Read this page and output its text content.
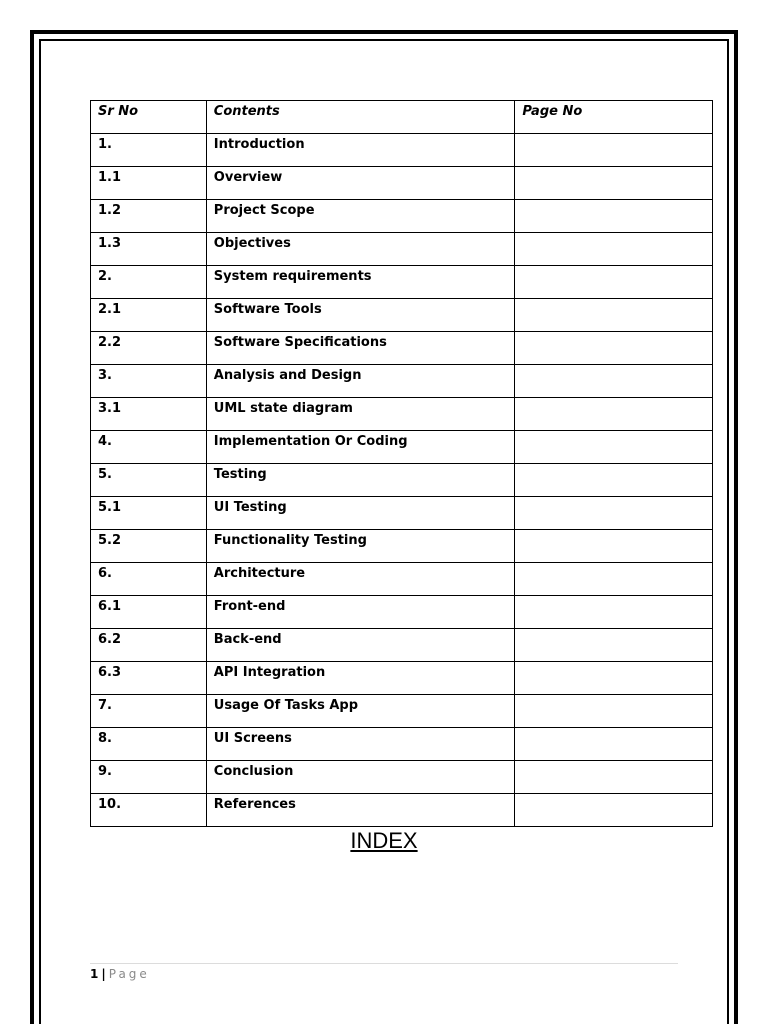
Sr No	Contents	Page No
1.	Introduction	
1.1	Overview	
1.2	Project Scope	
1.3	Objectives	
2.	System requirements	
2.1	Software Tools	
2.2	Software Specifications	
3.	Analysis and Design	
3.1	UML state diagram	
4.	Implementation Or Coding	
5.	Testing	
5.1	UI Testing	
5.2	Functionality Testing	
6.	Architecture	
6.1	Front-end	
6.2	Back-end	
6.3	API Integration	
7.	Usage Of Tasks App	
8.	UI Screens	
9.	Conclusion	
10.	References	
INDEX
1 | Page
